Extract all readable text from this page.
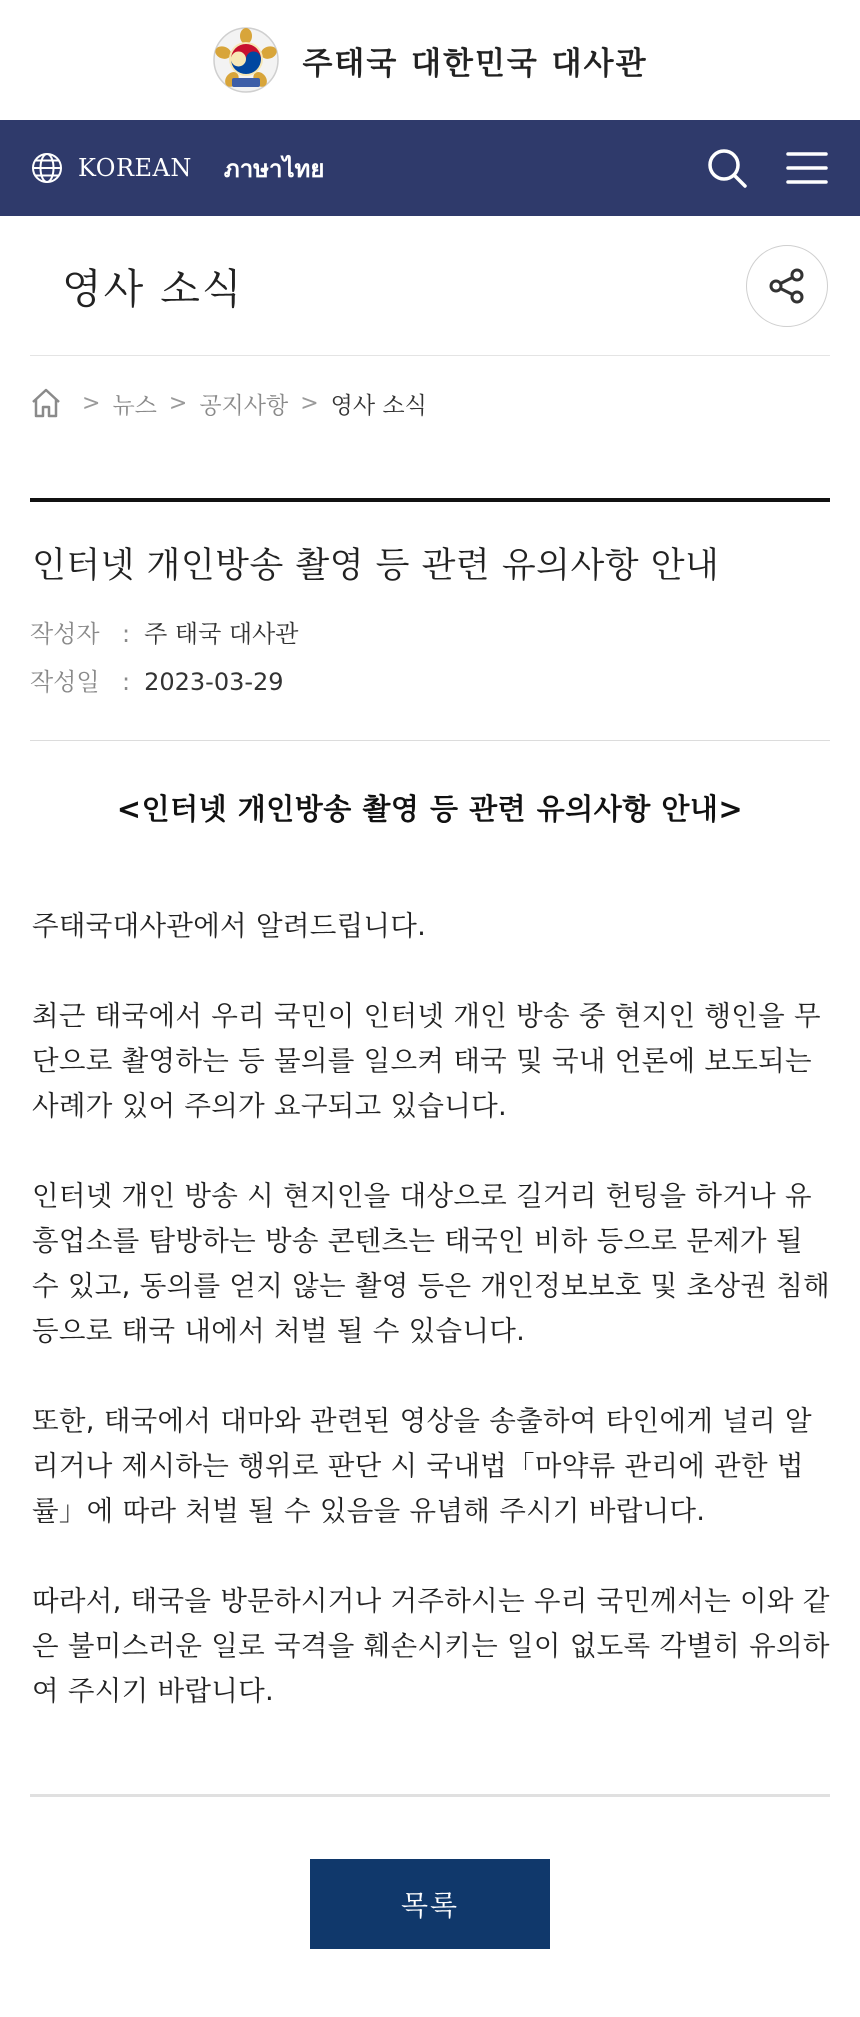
주태국 대한민국 대사관
KOREAN ภาษาไทย
영사 소식
> 뉴스 > 공지사항 > 영사 소식
인터넷 개인방송 촬영 등 관련 유의사항 안내
작성자 : 주 태국 대사관
작성일 : 2023-03-29

<인터넷 개인방송 촬영 등 관련 유의사항 안내>

주태국대사관에서 알려드립니다.

최근 태국에서 우리 국민이 인터넷 개인 방송 중 현지인 행인을 무단으로 촬영하는 등 물의를 일으켜 태국 및 국내 언론에 보도되는 사례가 있어 주의가 요구되고 있습니다.

인터넷 개인 방송 시 현지인을 대상으로 길거리 헌팅을 하거나 유흥업소를 탐방하는 방송 콘텐츠는 태국인 비하 등으로 문제가 될 수 있고, 동의를 얻지 않는 촬영 등은 개인정보보호 및 초상권 침해 등으로 태국 내에서 처벌 될 수 있습니다.

또한, 태국에서 대마와 관련된 영상을 송출하여 타인에게 널리 알리거나 제시하는 행위로 판단 시 국내법「마약류 관리에 관한 법률」에 따라 처벌 될 수 있음을 유념해 주시기 바랍니다.

따라서, 태국을 방문하시거나 거주하시는 우리 국민께서는 이와 같은 불미스러운 일로 국격을 훼손시키는 일이 없도록 각별히 유의하여 주시기 바랍니다.

목록
